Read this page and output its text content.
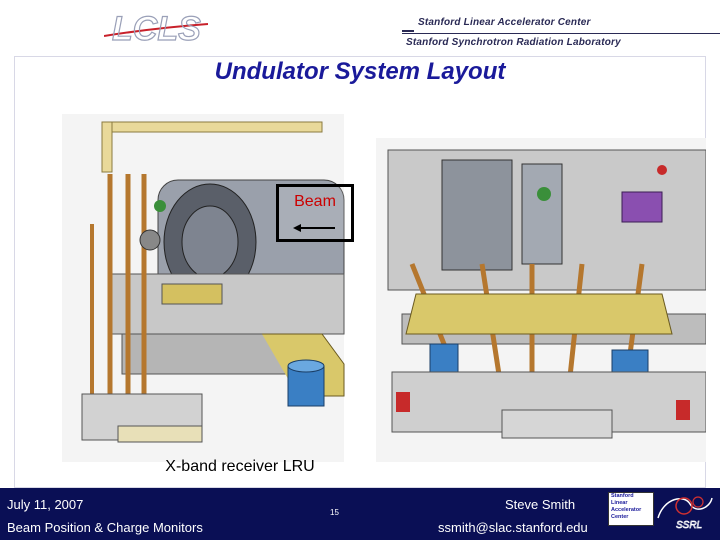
LCLS	Stanford Linear Accelerator Center
Stanford Synchrotron Radiation Laboratory
Undulator System Layout
Beam
X-band receiver LRU
July 11, 2007
Beam Position & Charge Monitors
15
Steve Smith
ssmith@slac.stanford.edu
Stanford
Linear
Accelerator
Center
SSRL
